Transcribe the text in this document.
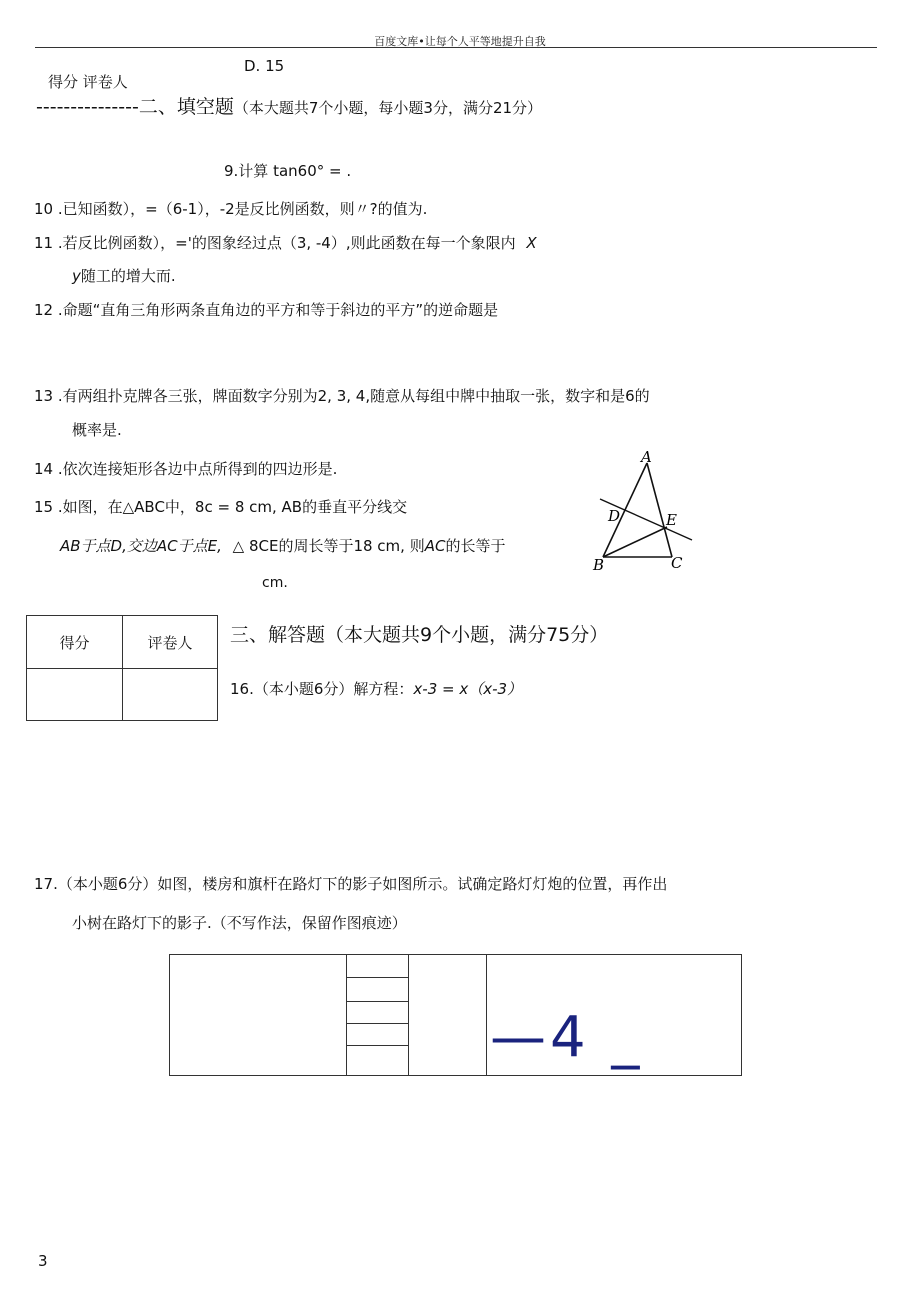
百度文库•让每个人平等地提升自我
D. 15
得分 评卷人
---------------二、填空题（本大题共7个小题，每小题3分，满分21分）
9.计算 tan60° = .
10 .已知函数），=（6-1），-2是反比例函数，则〃?的值为.
11 .若反比例函数），='的图象经过点（3, -4）,则此函数在每一个象限内 X
y随工的增大而.
12 .命题“直角三角形两条直角边的平方和等于斜边的平方”的逆命题是
13 .有两组扑克牌各三张，牌面数字分别为2, 3, 4,随意从每组中牌中抽取一张，数字和是6的
概率是.
14 .依次连接矩形各边中点所得到的四边形是.
15 .如图，在△ABC中，8c = 8 cm, AB的垂直平分线交
AB于点D,交边AC于点E, △ 8CE的周长等于18 cm, 则AC的长等于
cm.
A
B	C
D	E
得分	评卷人	三、解答题（本大题共9个小题，满分75分）
16.（本小题6分）解方程：x-3 = x（x-3）
17.（本小题6分）如图，楼房和旗杆在路灯下的影子如图所示。试确定路灯灯炮的位置，再作出
小树在路灯下的影子.（不写作法，保留作图痕迹）
—4 _
3
